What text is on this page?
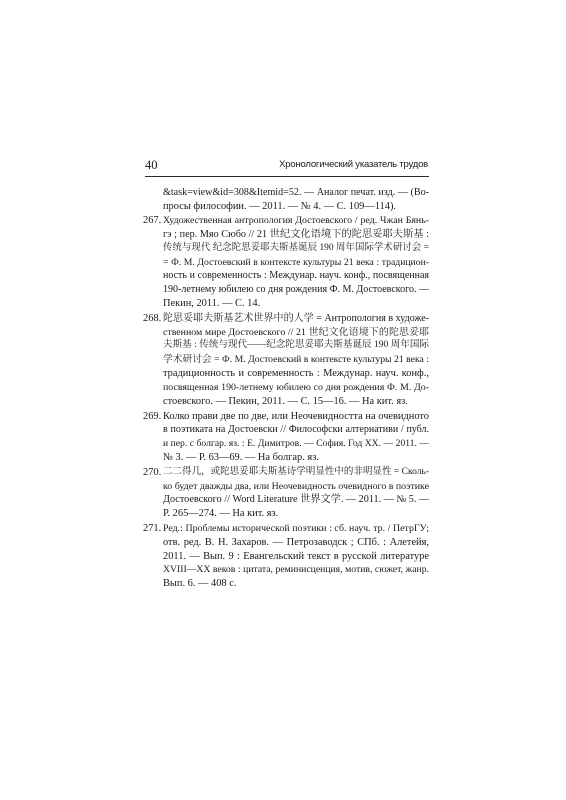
40	Хронологический указатель трудов
&task=view&id=308&Itemid=52. — Аналог печат. изд. — (Во-
просы философии. — 2011. — № 4. — С. 109—114).
267. Художественная антропология Достоевского / ред. Чжан Бянь-
гэ ; пер. Мяо Сюбо // 21 世纪文化语境下的陀思妥耶夫斯基 :
传统与现代 纪念陀思妥耶夫斯基诞辰 190 周年国际学术研讨会 =
= Ф. М. Достоевский в контексте культуры 21 века : традицион-
ность и современность : Междунар. науч. конф., посвященная
190-летнему юбилею со дня рождения Ф. М. Достоевского. —
Пекин, 2011. — С. 14.
268. 陀思妥耶夫斯基艺术世界中的人学 = Антропология в художе-
ственном мире Достоевского // 21 世纪文化语境下的陀思妥耶
夫斯基 : 传统与现代——纪念陀思妥耶夫斯基诞辰 190 周年国际
学术研讨会 = Ф. М. Достоевский в контексте культуры 21 века :
традиционность и современность : Междунар. науч. конф.,
посвященная 190-летнему юбилею со дня рождения Ф. М. До-
стоевского. — Пекин, 2011. — С. 15—16. — На кит. яз.
269. Колко прави две по две, или Неочевидността на очевидното
в поэтиката на Достоевски // Философски алтернативи / публ.
и пер. с болгар. яз. : Е. Димитров. — София. Год XX. — 2011. —
№ 3. — Р. 63—69. — На болгар. яз.
270. 二二得几，或陀思妥耶夫斯基诗学明显性中的非明显性 = Сколь-
ко будет дважды два, или Неочевидность очевидного в поэтике
Достоевского // Word Literature 世界文学. — 2011. — № 5. —
Р. 265—274. — На кит. яз.
271. Ред.: Проблемы исторической поэтики : сб. науч. тр. / ПетрГУ;
отв. ред. В. Н. Захаров. — Петрозаводск ; СПб. : Алетейя,
2011. — Вып. 9 : Евангельский текст в русской литературе
XVIII—XX веков : цитата, реминисценция, мотив, сюжет, жанр.
Вып. 6. — 408 с.
